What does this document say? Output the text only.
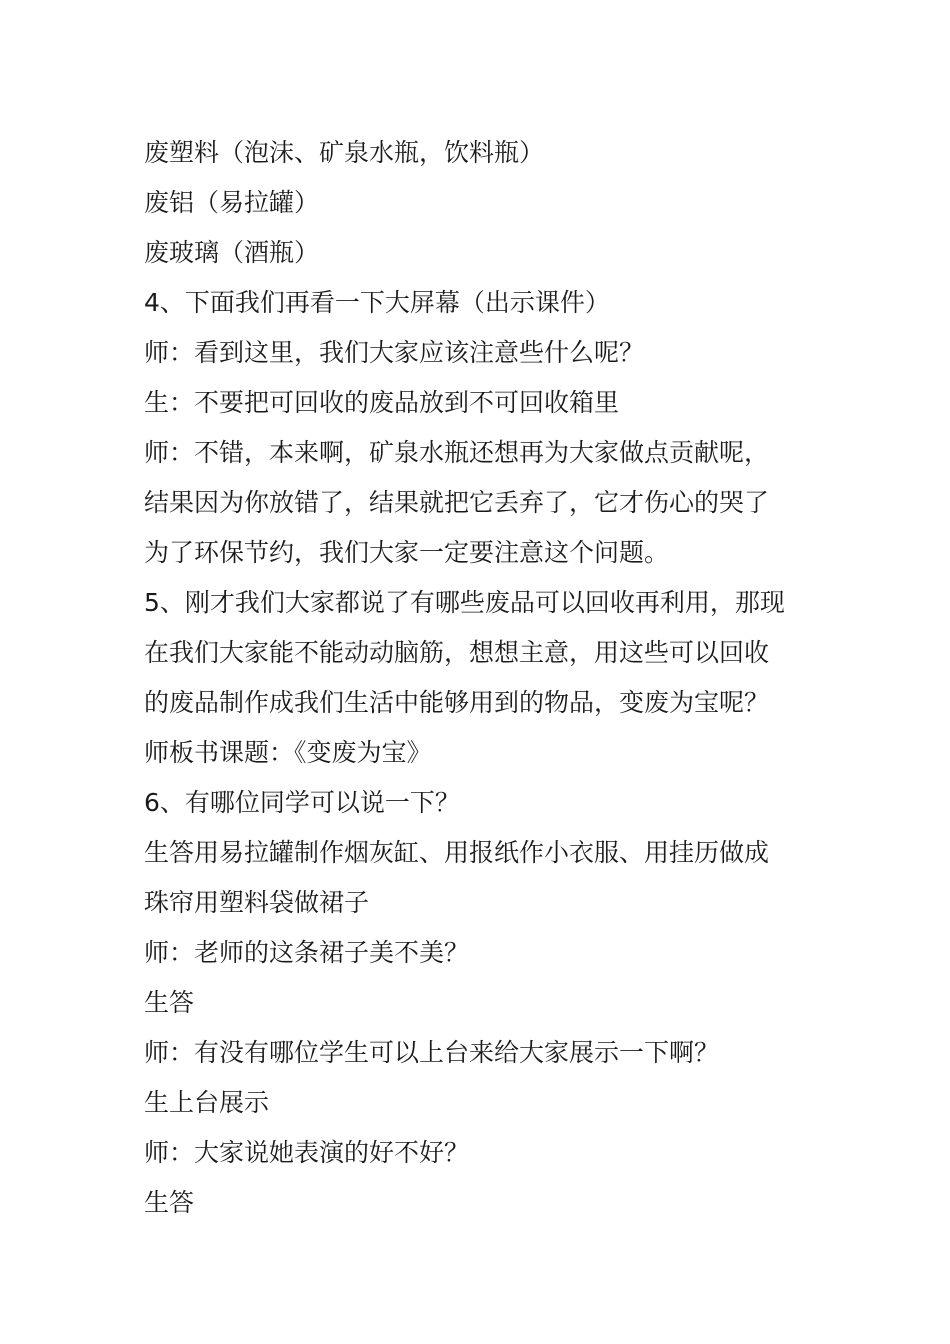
废塑料（泡沫、矿泉水瓶，饮料瓶）
废铝（易拉罐）
废玻璃（酒瓶）
4、下面我们再看一下大屏幕（出示课件）
师：看到这里，我们大家应该注意些什么呢？
生：不要把可回收的废品放到不可回收箱里
师：不错，本来啊，矿泉水瓶还想再为大家做点贡献呢，
结果因为你放错了，结果就把它丢弃了，它才伤心的哭了
为了环保节约，我们大家一定要注意这个问题。
5、刚才我们大家都说了有哪些废品可以回收再利用，那现
在我们大家能不能动动脑筋，想想主意，用这些可以回收
的废品制作成我们生活中能够用到的物品，变废为宝呢？
师板书课题：《变废为宝》
6、有哪位同学可以说一下？
生答用易拉罐制作烟灰缸、用报纸作小衣服、用挂历做成
珠帘用塑料袋做裙子
师：老师的这条裙子美不美？
生答
师：有没有哪位学生可以上台来给大家展示一下啊？
生上台展示
师：大家说她表演的好不好？
生答
